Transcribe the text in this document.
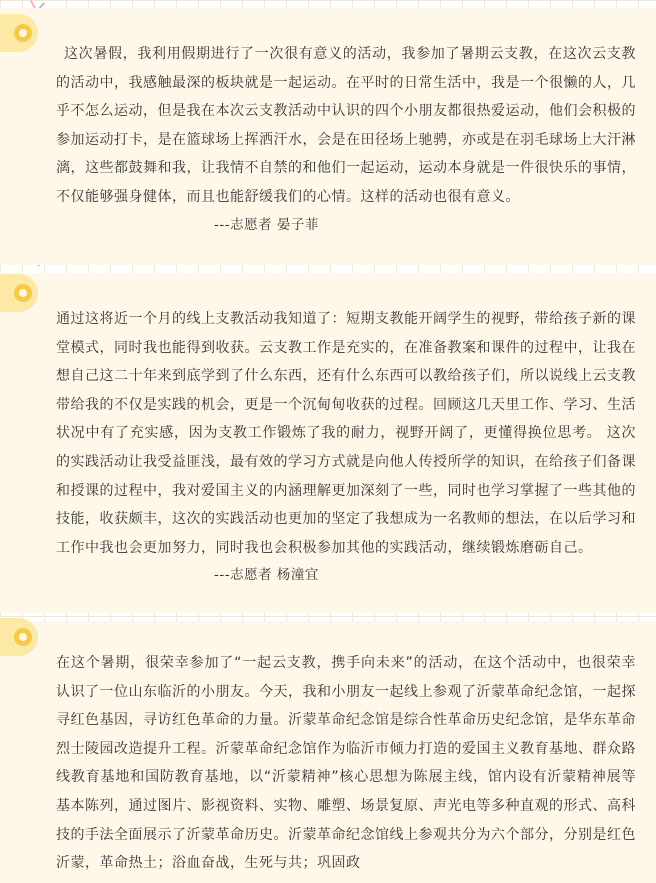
这次暑假，我利用假期进行了一次很有意义的活动，我参加了暑期云支教，在这次云支教的活动中，我感触最深的板块就是一起运动。在平时的日常生活中，我是一个很懒的人，几乎不怎么运动，但是我在本次云支教活动中认识的四个小朋友都很热爱运动，他们会积极的参加运动打卡，是在篮球场上挥洒汗水，会是在田径场上驰骋，亦或是在羽毛球场上大汗淋漓，这些都鼓舞和我，让我情不自禁的和他们一起运动，运动本身就是一件很快乐的事情，不仅能够强身健体，而且也能舒缓我们的心情。这样的活动也很有意义。

---志愿者 晏子菲

通过这将近一个月的线上支教活动我知道了：短期支教能开阔学生的视野，带给孩子新的课堂模式，同时我也能得到收获。云支教工作是充实的，在准备教案和课件的过程中，让我在想自己这二十年来到底学到了什么东西，还有什么东西可以教给孩子们，所以说线上云支教带给我的不仅是实践的机会，更是一个沉甸甸收获的过程。回顾这几天里工作、学习、生活状况中有了充实感，因为支教工作锻炼了我的耐力，视野开阔了，更懂得换位思考。 这次的实践活动让我受益匪浅，最有效的学习方式就是向他人传授所学的知识，在给孩子们备课和授课的过程中，我对爱国主义的内涵理解更加深刻了一些，同时也学习掌握了一些其他的技能，收获颇丰，这次的实践活动也更加的坚定了我想成为一名教师的想法，在以后学习和工作中我也会更加努力，同时我也会积极参加其他的实践活动，继续锻炼磨砺自己。

---志愿者 杨潼宜

在这个暑期，很荣幸参加了“一起云支教，携手向未来”的活动，在这个活动中，也很荣幸认识了一位山东临沂的小朋友。今天，我和小朋友一起线上参观了沂蒙革命纪念馆，一起探寻红色基因，寻访红色革命的力量。沂蒙革命纪念馆是综合性革命历史纪念馆，是华东革命烈士陵园改造提升工程。沂蒙革命纪念馆作为临沂市倾力打造的爱国主义教育基地、群众路线教育基地和国防教育基地，以“沂蒙精神”核心思想为陈展主线，馆内设有沂蒙精神展等基本陈列，通过图片、影视资料、实物、雕塑、场景复原、声光电等多种直观的形式、高科技的手法全面展示了沂蒙革命历史。沂蒙革命纪念馆线上参观共分为六个部分，分别是红色沂蒙，革命热土；浴血奋战，生死与共；巩固政
